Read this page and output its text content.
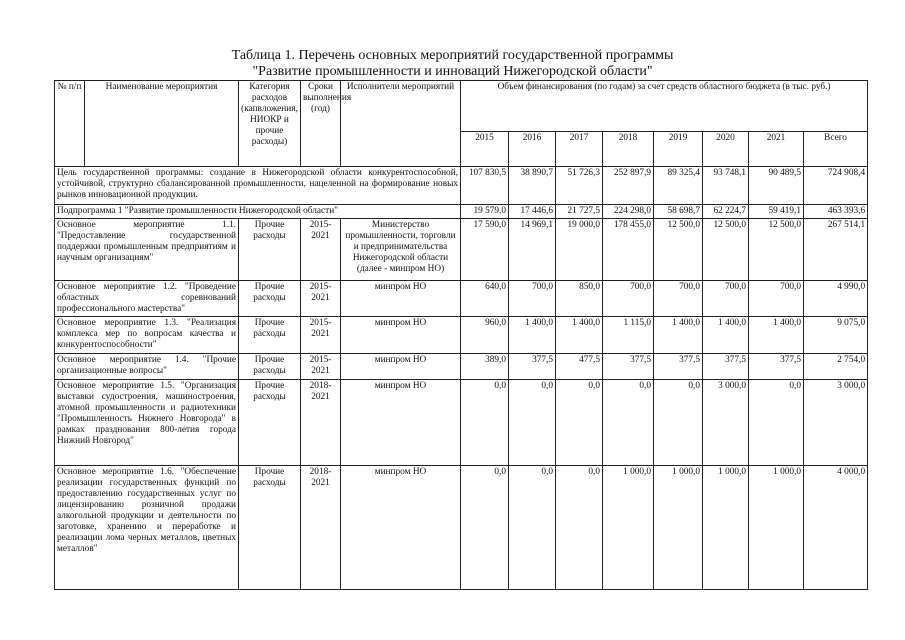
Таблица 1. Перечень основных мероприятий государственной программы
"Развитие промышленности и инноваций Нижегородской области"
№ п/п	Наименование мероприятия	Категория расходов (капвложения, НИОКР и прочие расходы)	Сроки выполнения (год)	Исполнители мероприятий	Объем финансирования (по годам) за счет средств областного бюджета (в тыс. руб.)							
					2015	2016	2017	2018	2019	2020	2021	Всего
Цель государственной программы: создание в Нижегородской области конкурентоспособной, устойчивой, структурно сбалансированной промышленности, нацеленной на формирование новых рынков инновационной продукции.					107 830,5	38 890,7	51 726,3	252 897,9	89 325,4	93 748,1	90 489,5	724 908,4
Подпрограмма 1 "Развитие промышленности Нижегородской области"					19 579,0	17 446,6	21 727,5	224 298,0	58 698,7	62 224,7	59 419,1	463 393,6
Основное мероприятие 1.1. "Предоставление государственной поддержки промышленным предприятиям и научным организациям"		Прочие расходы	2015-2021	Министерство промышленности, торговли и предпринимательства Нижегородской области (далее - минпром НО)	17 590,0	14 969,1	19 000,0	178 455,0	12 500,0	12 500,0	12 500,0	267 514,1
Основное мероприятие 1.2. "Проведение областных соревнований профессионального мастерства"		Прочие расходы	2015-2021	минпром НО	640,0	700,0	850,0	700,0	700,0	700,0	700,0	4 990,0
Основное мероприятие 1.3. "Реализация комплекса мер по вопросам качества и конкурентоспособности"		Прочие расходы	2015-2021	минпром НО	960,0	1 400,0	1 400,0	1 115,0	1 400,0	1 400,0	1 400,0	9 075,0
Основное мероприятие 1.4. "Прочие организационные вопросы"		Прочие расходы	2015-2021	минпром НО	389,0	377,5	477,5	377,5	377,5	377,5	377,5	2 754,0
Основное мероприятие 1.5. "Организация выставки судостроения, машиностроения, атомной промышленности и радиотехники "Промышленность Нижнего Новгорода" в рамках празднования 800-летия города Нижний Новгород"		Прочие расходы	2018-2021	минпром НО	0,0	0,0	0,0	0,0	0,0	3 000,0	0,0	3 000,0
Основное мероприятие 1.6. "Обеспечение реализации государственных функций по предоставлению государственных услуг по лицензированию розничной продажи алкогольной продукции и деятельности по заготовке, хранению и переработке и реализации лома черных металлов, цветных металлов"		Прочие расходы	2018-2021	минпром НО	0,0	0,0	0,0	1 000,0	1 000,0	1 000,0	1 000,0	4 000,0
